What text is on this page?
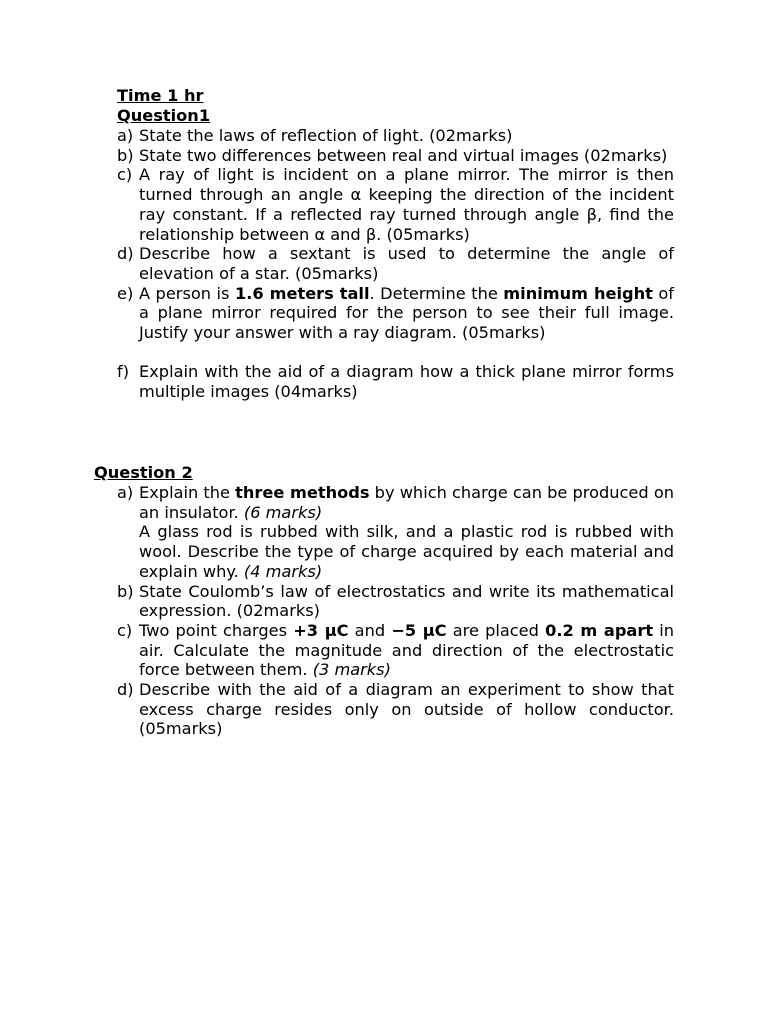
Time 1 hr

Question1

a) State the laws of reflection of light. (02marks)
b) State two differences between real and virtual images (02marks)
c) A ray of light is incident on a plane mirror. The mirror is then turned through an angle α keeping the direction of the incident ray constant. If a reflected ray turned through angle β, find the relationship between α and β. (05marks)
d) Describe how a sextant is used to determine the angle of elevation of a star. (05marks)
e) A person is 1.6 meters tall. Determine the minimum height of a plane mirror required for the person to see their full image. Justify your answer with a ray diagram. (05marks)
f) Explain with the aid of a diagram how a thick plane mirror forms multiple images (04marks)

Question 2

a) Explain the three methods by which charge can be produced on an insulator. (6 marks)
A glass rod is rubbed with silk, and a plastic rod is rubbed with wool. Describe the type of charge acquired by each material and explain why. (4 marks)
b) State Coulomb’s law of electrostatics and write its mathematical expression. (02marks)
c) Two point charges +3 μC and −5 μC are placed 0.2 m apart in air. Calculate the magnitude and direction of the electrostatic force between them. (3 marks)
d) Describe with the aid of a diagram an experiment to show that excess charge resides only on outside of hollow conductor. (05marks)
